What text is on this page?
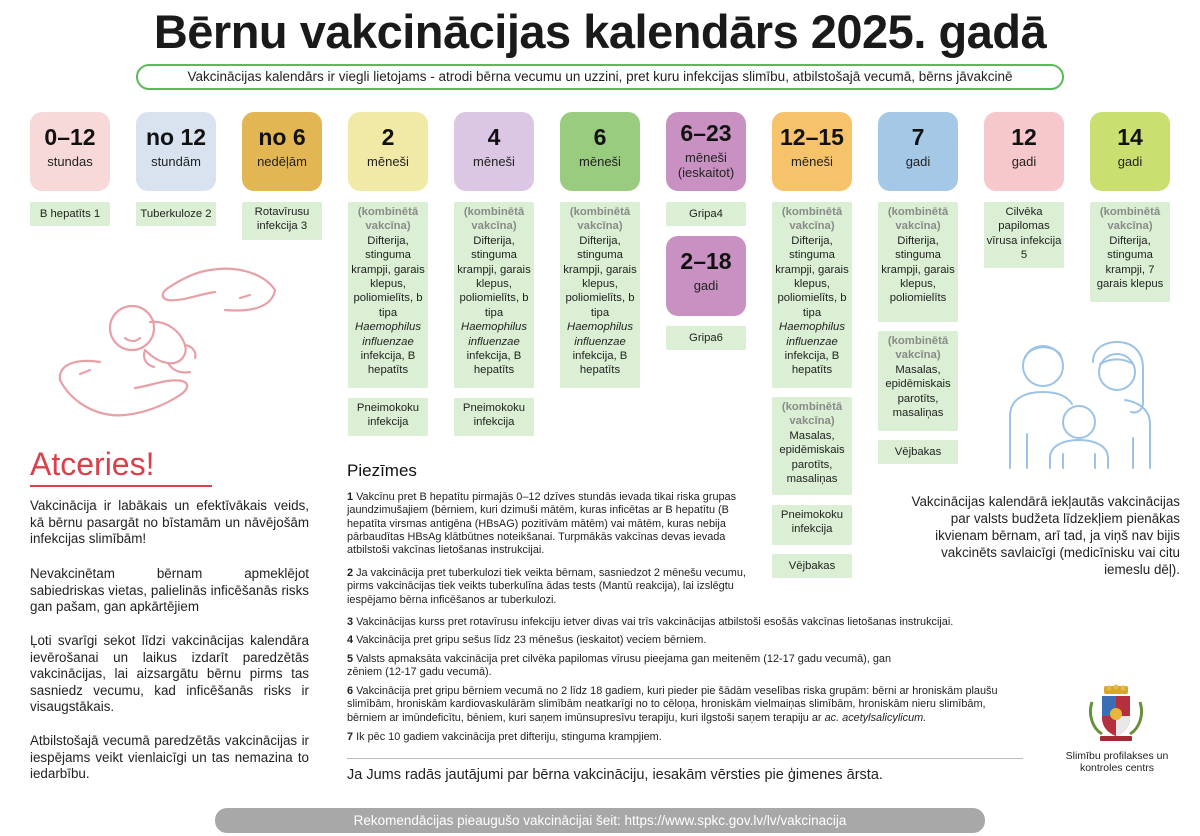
Bērnu vakcinācijas kalendārs 2025. gadā
Vakcinācijas kalendārs ir viegli lietojams - atrodi bērna vecumu un uzzini, pret kuru infekcijas slimību, atbilstošajā vecumā, bērns jāvakcinē
0–12
stundas
no 12
stundām
no 6
nedēļām
2
mēneši
4
mēneši
6
mēneši
6–23
mēneši
(ieskaitot)
12–15
mēneši
7
gadi
12
gadi
14
gadi
2–18
gadi
B hepatīts 1	Tuberkuloze 2	Rotavīrusu infekcija 3
(kombinētā vakcīna)
Difterija, stinguma krampji, garais klepus, poliomielīts, b tipa
Haemophilus influenzae
infekcija, B hepatīts
Pneimokoku infekcija
(kombinētā vakcīna)
Difterija, stinguma krampji, garais klepus, poliomielīts, b tipa
Haemophilus influenzae
infekcija, B hepatīts
Pneimokoku infekcija
(kombinētā vakcīna)
Difterija, stinguma krampji, garais klepus, poliomielīts, b tipa
Haemophilus influenzae
infekcija, B hepatīts
Gripa4
Gripa6
(kombinētā vakcīna)
Difterija, stinguma krampji, garais klepus, poliomielīts, b tipa
Haemophilus influenzae
infekcija, B hepatīts
(kombinētā vakcīna)
Masalas, epidēmiskais parotīts, masaliņas
Pneimokoku infekcija
Vējbakas
(kombinētā vakcīna)
Difterija, stinguma krampji, garais klepus, poliomielīts
(kombinētā vakcīna)
Masalas, epidēmiskais parotīts, masaliņas
Vējbakas
Cilvēka papilomas
vīrusa infekcija 5
(kombinētā vakcīna)
Difterija, stinguma krampji, 7 garais klepus
Atceries!
Vakcinācija ir labākais un efektīvākais veids, kā bērnu pasargāt no bīstamām un nāvējošām infekcijas slimībām!
Nevakcinētam bērnam apmeklējot sabiedriskas vietas, palielinās inficēšanās risks gan pašam, gan apkārtējiem
Ļoti svarīgi sekot līdzi vakcinācijas kalendāra ievērošanai un laikus izdarīt paredzētās vakcinācijas, lai aizsargātu bērnu pirms tas sasniedz vecumu, kad inficēšanās risks ir visaugstākais.
Atbilstošajā vecumā paredzētās vakcinācijas ir iespējams veikt vienlaicīgi un tas nemazina to iedarbību.
Piezīmes
1 Vakcīnu pret B hepatītu pirmajās 0–12 dzīves stundās ievada tikai riska grupas jaundzimušajiem (bērniem, kuri dzimuši mātēm, kuras inficētas ar B hepatītu (B hepatīta virsmas antigēna (HBsAG) pozitīvām mātēm) vai mātēm, kuras nebija pārbaudītas HBsAg klātbūtnes noteikšanai. Turpmākās vakcīnas devas ievada atbilstoši vakcīnas lietošanas instrukcijai.
2 Ja vakcinācija pret tuberkulozi tiek veikta bērnam, sasniedzot 2 mēnešu vecumu, pirms vakcinācijas tiek veikts tuberkulīna ādas tests (Mantū reakcija), lai izslēgtu iespējamo bērna inficēšanos ar tuberkulozi.
3 Vakcinācijas kurss pret rotavīrusu infekciju ietver divas vai trīs vakcinācijas atbilstoši esošās vakcīnas lietošanas instrukcijai.
4 Vakcinācija pret gripu sešus līdz 23 mēnešus (ieskaitot) veciem bērniem.
5 Valsts apmaksāta vakcinācija pret cilvēka papilomas vīrusu pieejama gan meitenēm (12-17 gadu vecumā), gan zēniem (12-17 gadu vecumā).
6 Vakcinācija pret gripu bērniem vecumā no 2 līdz 18 gadiem, kuri pieder pie šādām veselības riska grupām: bērni ar hroniskām plaušu slimībām, hroniskām kardiovaskulārām slimībām neatkarīgi no to cēloņa, hroniskām vielmaiņas slimībām, hroniskām nieru slimībām, bērniem ar imūndeficītu, bēniem, kuri saņem imūnsupresīvu terapiju, kuri ilgstoši saņem terapiju ar ac. acetylsalicylicum.
7 Ik pēc 10 gadiem vakcinācija pret difteriju, stinguma krampjiem.
Vakcinācijas kalendārā iekļautās vakcinācijas par valsts budžeta līdzekļiem pienākas ikvienam bērnam, arī tad, ja viņš nav bijis vakcinēts savlaicīgi (medicīnisku vai citu iemeslu dēļ).
Ja Jums radās jautājumi par bērna vakcināciju, iesakām vērsties pie ģimenes ārsta.
Slimību profilakses un kontroles centrs
Rekomendācijas pieaugušo vakcinācijai šeit: https://www.spkc.gov.lv/lv/vakcinacija
